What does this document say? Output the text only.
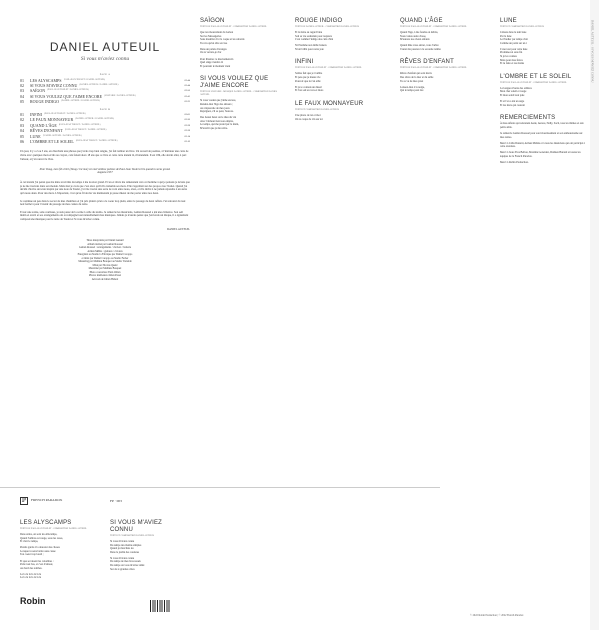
DANIEL AUTEUIL
Si vous m'aviez connu
FACE A
01	LES ALYSCAMPS (PAUL-JEAN TOULET / DANIEL AUTEUIL)	02:44
02	SI VOUS M'AVIEZ CONNU (DANIEL AUTEUIL / DANIEL AUTEUIL)	03:44
03	SAÏGON (PAUL-JEAN TOULET / DANIEL AUTEUIL)	02:50
04	SI VOUS VOULEZ QUE J'AIME ENCORE (VOLTAIRE / DANIEL AUTEUIL)	03:41
05	ROUGE INDIGO (DANIEL AUTEUIL / DANIEL AUTEUIL)	03:23
FACE B
01	INFINI (PAUL-JEAN TOULET / DANIEL AUTEUIL)	03:05
02	LE FAUX MONNAYEUR (DANIEL AUTEUIL / DANIEL AUTEUIL)	03:30
03	QUAND L'ÂGE (PAUL-JEAN TOULET / DANIEL AUTEUIL)	02:28
04	RÊVES D'ENFANT (PAUL-JEAN TOULET / DANIEL AUTEUIL)	02:38
05	LUNE (DANIEL AUTEUIL / DANIEL AUTEUIL)	03:14
06	L'OMBRE ET LE SOLEIL (PAUL-JEAN TOULET / DANIEL AUTEUIL)	03:16
Un jour, il y a 2 ou 3 ans, en cherchant une phrase que j'avais trop bien rangée, j'ai fait tomber un livre. Un recueil de poèmes, à l'intérieur une carte de visite avec quelques mots écrits au crayon, cela faisait alors 18 ans que ce livre et cette carte étaient là, m'attendant. Il est 18h, elle devait aller, à part l'amour, et j'ai rouvert le livre.
Pour Doug, mon fils chéri (Doug c'est moi) ces merveilleux poèmes de Paul-Jean Toulet à lire quand tu seras grand.
Augusta 1957
À cet instant j'ai pensé que ma mère avait mis du temps à me trouver grand. Et les et rêvés me ramenaient vers cet homme à qui je pensais je devais que je ne me trouvais dans son monde. Mais moi je crois que c'est alors qu'il m'a transmis ses mots. Elle s'apprêtait sur des propos avec Toulet. Quand j'ai décidé d'écrire un texte inspiré par une note de Toulet, j'ai vite trouvé une sorte de voix entre nous, alors, et m'a invité à ne jamais répondre à un autre qu'à nous deux. Pour des mots. L'important, c'est qu'au fil de ma vie maintenant je passe mieux de me porter entre nos deux.

Je continue un peu dans le secret de mes chambres et j'ai pris plaisir qu'en a le coeur trop plein, entre le passage de deux reflets. J'ai retrouvé du tout noir fermé à pour l'avenir du passage de mes contes du texte.

Et sur une scène, sans coulisses, je suis passé de la scène à celle du studio. Je remercie les musiciens, Gaëtan Roussel a été une évidence. Son oeil malin et averti et ses arrangements ont accompagné tout naturellement mes musiques. Jamais je n'aurais pensé que j'en ferais un disque, il a également composé une musique pour le texte de Toulet et Si vous m'aviez connu.
DANIEL AUTEUIL
Titres interprétés par Daniel Auteuil
Album réalisé par Gaëtan Roussel
Gaëtan Roussel : arrangements / claviers / batterie
Arman Méliès : guitares / claviers
Enregistré au Studio la Fabrique par Daniel Caroppo
et mixé par Daniel Caroppo au Studio Ferber
Mastering par Mathieu Bouquet au Studio Translab
Mixé par Nicolas Quéré
Mastérisé par Mathieu Bouquet
Photo couverture Yann Orhan
Photos intérieures Julien Passé
Artwork de Julien Hubert
SAÏGON
TEXTE DE PAUL-JEAN TOULET · COMPOSITION DANIEL AUTEUIL
Que ton mouvement du Gabon
Sur les Messageries
Sans mouiller d'or la coque et les sabords
Tu n'es qu'un rêve en vue
Dans un palais d'oranges
Ou te verrais-je d'or
Pour illustrer ce mouvement-là
Quel singe viendra là
Et pourtant le moment vient
SI VOUS VOULEZ QUE J'AIME ENCORE
TEXTE DE VOLTAIRE · MUSIQUE DANIEL AUTEUIL · COMPOSITION DANIEL AUTEUIL
Si vous voulez que j'aime encore,
Rendez-moi l'âge des amours ;
Au crépuscule de mes jours
Rejoignez, s'il se peut, l'aurore.
Des beaux lieux où le dieu du vin
Avec l'Amour tient son empire,
Le temps, qui me prend par la main,
M'avertit que je me retire.
ROUGE INDIGO
TEXTE DE DANIEL AUTEUIL · COMPOSITION DANIEL AUTEUIL
Et la mère au regard bleu
Sait sa vie souhaitée pour toujours
C'est comme l'indigo des ciels d'été
Ni l'homme non mille baisers
N'ont brillé pour notre joie
INFINI
TEXTE DE PAUL-JEAN TOULET · COMPOSITION DANIEL AUTEUIL
Sables fuit que je t'oublie
Et peu que je meure vie
Pouvoir que tu t'en aille
Et je te connais un désert
Et l'on sait en vers et mots
LE FAUX MONNAYEUR
TEXTE ET COMPOSITION DANIEL AUTEUIL
Une photo de toi et moi
Où ta coupe de vin sur toi
QUAND L'ÂGE
TEXTE DE PAUL-JEAN TOULET · COMPOSITION DANIEL AUTEUIL
Quand l'âge, à me fondre en débris,
Nous venus autre chose,
M'aurons nos vieux enfants
Quand âme vous entrer, vous l'arbre
J'aurai ma passion à la seconde tombe
RÊVES D'ENFANT
TEXTE DE PAUL-JEAN TOULET · COMPOSITION DANIEL AUTEUIL
Rêves d'enfant qui sont morts
Des rêves de la mer et du sable
Tu as vu de mes yeux
Laissez-moi à la neige,
Qui le temps peut rire
LUNE
TEXTE ET COMPOSITION DANIEL AUTEUIL
Céleste dans la nuit lune
Par la lune
Le Pradier par temps clair
Comme un point sur un i
L'axe tout pour cette lune
Promène-toi sans fin
Si je les connus
Mais pour mes frères
Et tu faire et tes mains
L'OMBRE ET LE SOLEIL
TEXTE DE PAUL-JEAN TOULET · COMPOSITION DANIEL AUTEUIL
La longue rêverie des ombres
Mon cher soleil et rouge
Et mon soleil tout pale
Et si l'on a été un ange
Et les mots qui courent
REMERCIEMENTS
À mes enfants qui adoraient Aude, Aurore, Nelly, Zach, tous les mimes et aux petits amis.
Je remercie Gaëtan Roussel pour son investissement et son enthousiasme sur mes textes.
Merci à Célia Dunard, Arman Méliès et à tous les musiciens qui ont participé à cette aventure.
Merci à Jean-Yves Bellon, Maxime Gonzalez, Damien Burand et toutes les équipes de la French Paradox.
Merci à Robin Production.
ℙ	FRENCH PARADOX	FP · 003
LES ALYSCAMPS
TEXTE DE PAUL-JEAN TOULET · COMPOSITION DANIEL AUTEUIL
Dans Arles, où sont les Aliscamps,
Quand l'ombre est rouge, sous les roses,
Et clair le temps,
Prends garde à la douceur des choses
Lorsque tu sens battre sans cause
Ton coeur trop lourd ;
Et que se taisent les colombes :
Parle tout bas, si c'est d'amour,
Au bord des tombes.
La la la la la la la la
La la la la la la la la
SI VOUS M'AVIEZ CONNU
TEXTE ET COMPOSITION DANIEL AUTEUIL
Si vous m'aviez connu
Du temps des matins simples
Quand je marchais nu
Dans le jardin des coutures
Si vous m'aviez connu
Du temps de mes bras noués
Du temps où vous m'aviez aimé
Sur de si grandes côtes
Robin
© 2022 Robin Production | © 2022 French Paradox
DANIEL AUTEUIL · SI VOUS M'AVIEZ CONNU
